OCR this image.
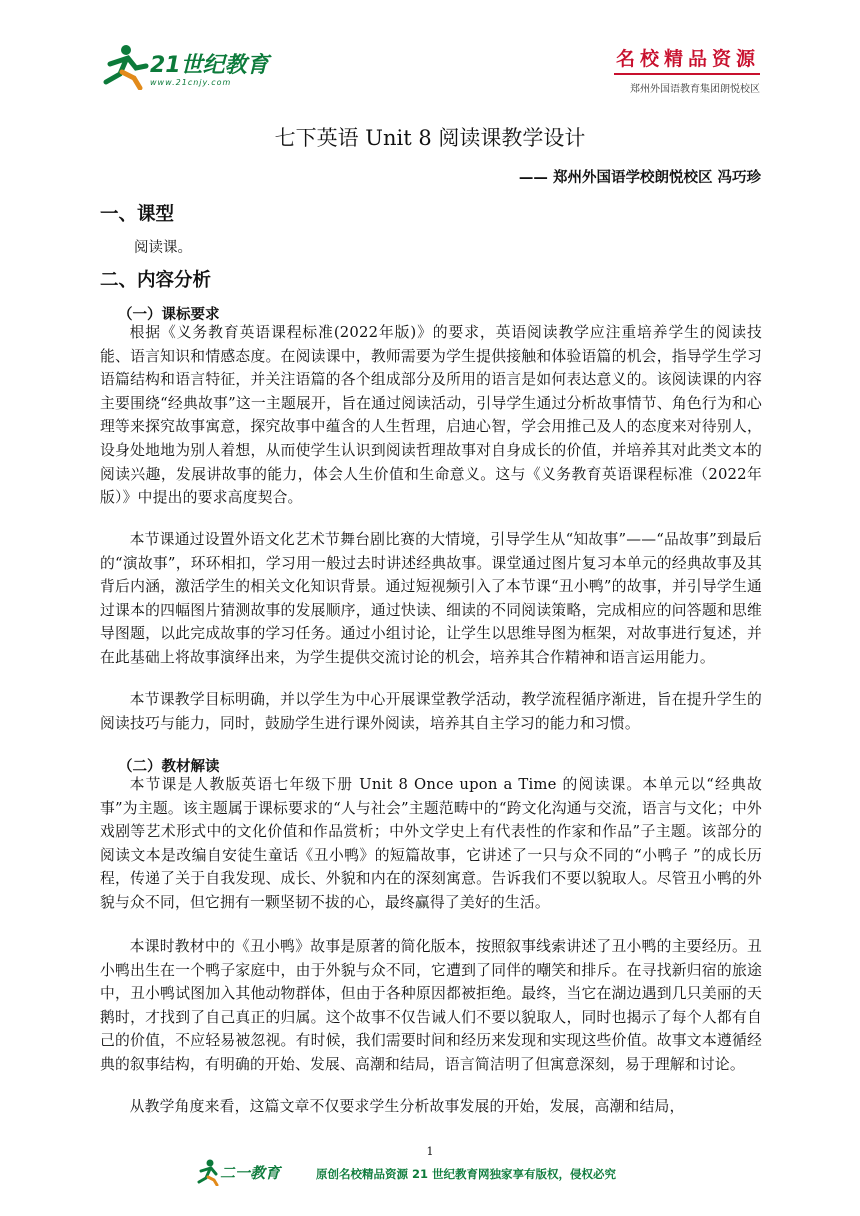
21世纪教育
www.21cnjy.com
名校精品资源
郑州外国语教育集团朗悦校区
七下英语 Unit 8 阅读课教学设计
—— 郑州外国语学校朗悦校区 冯巧珍
一、课型
阅读课。
二、内容分析
（一）课标要求

根据《义务教育英语课程标准(2022年版)》的要求，英语阅读教学应注重培养学生的阅读技能、语言知识和情感态度。在阅读课中，教师需要为学生提供接触和体验语篇的机会，指导学生学习语篇结构和语言特征，并关注语篇的各个组成部分及所用的语言是如何表达意义的。该阅读课的内容主要围绕“经典故事”这一主题展开，旨在通过阅读活动，引导学生通过分析故事情节、角色行为和心理等来探究故事寓意，探究故事中蕴含的人生哲理，启迪心智，学会用推己及人的态度来对待别人，设身处地地为别人着想，从而使学生认识到阅读哲理故事对自身成长的价值，并培养其对此类文本的阅读兴趣，发展讲故事的能力，体会人生价值和生命意义。这与《义务教育英语课程标准（2022年版）》中提出的要求高度契合。

本节课通过设置外语文化艺术节舞台剧比赛的大情境，引导学生从“知故事”——“品故事”到最后的“演故事”，环环相扣，学习用一般过去时讲述经典故事。课堂通过图片复习本单元的经典故事及其背后内涵，激活学生的相关文化知识背景。通过短视频引入了本节课“丑小鸭”的故事，并引导学生通过课本的四幅图片猜测故事的发展顺序，通过快读、细读的不同阅读策略，完成相应的问答题和思维导图题，以此完成故事的学习任务。通过小组讨论，让学生以思维导图为框架，对故事进行复述，并在此基础上将故事演绎出来，为学生提供交流讨论的机会，培养其合作精神和语言运用能力。

本节课教学目标明确，并以学生为中心开展课堂教学活动，教学流程循序渐进，旨在提升学生的阅读技巧与能力，同时，鼓励学生进行课外阅读，培养其自主学习的能力和习惯。

（二）教材解读

本节课是人教版英语七年级下册 Unit 8 Once upon a Time 的阅读课。本单元以“经典故事”为主题。该主题属于课标要求的“人与社会”主题范畴中的“跨文化沟通与交流，语言与文化；中外戏剧等艺术形式中的文化价值和作品赏析；中外文学史上有代表性的作家和作品”子主题。该部分的阅读文本是改编自安徒生童话《丑小鸭》的短篇故事，它讲述了一只与众不同的“小鸭子 ”的成长历程，传递了关于自我发现、成长、外貌和内在的深刻寓意。告诉我们不要以貌取人。尽管丑小鸭的外貌与众不同，但它拥有一颗坚韧不拔的心，最终赢得了美好的生活。

本课时教材中的《丑小鸭》故事是原著的简化版本，按照叙事线索讲述了丑小鸭的主要经历。丑小鸭出生在一个鸭子家庭中，由于外貌与众不同，它遭到了同伴的嘲笑和排斥。在寻找新归宿的旅途中，丑小鸭试图加入其他动物群体，但由于各种原因都被拒绝。最终，当它在湖边遇到几只美丽的天鹅时，才找到了自己真正的归属。这个故事不仅告诫人们不要以貌取人，同时也揭示了每个人都有自己的价值，不应轻易被忽视。有时候，我们需要时间和经历来发现和实现这些价值。故事文本遵循经典的叙事结构，有明确的开始、发展、高潮和结局，语言简洁明了但寓意深刻，易于理解和讨论。

从教学角度来看，这篇文章不仅要求学生分析故事发展的开始，发展，高潮和结局，

1
二一教育	原创名校精品资源 21 世纪教育网独家享有版权，侵权必究
